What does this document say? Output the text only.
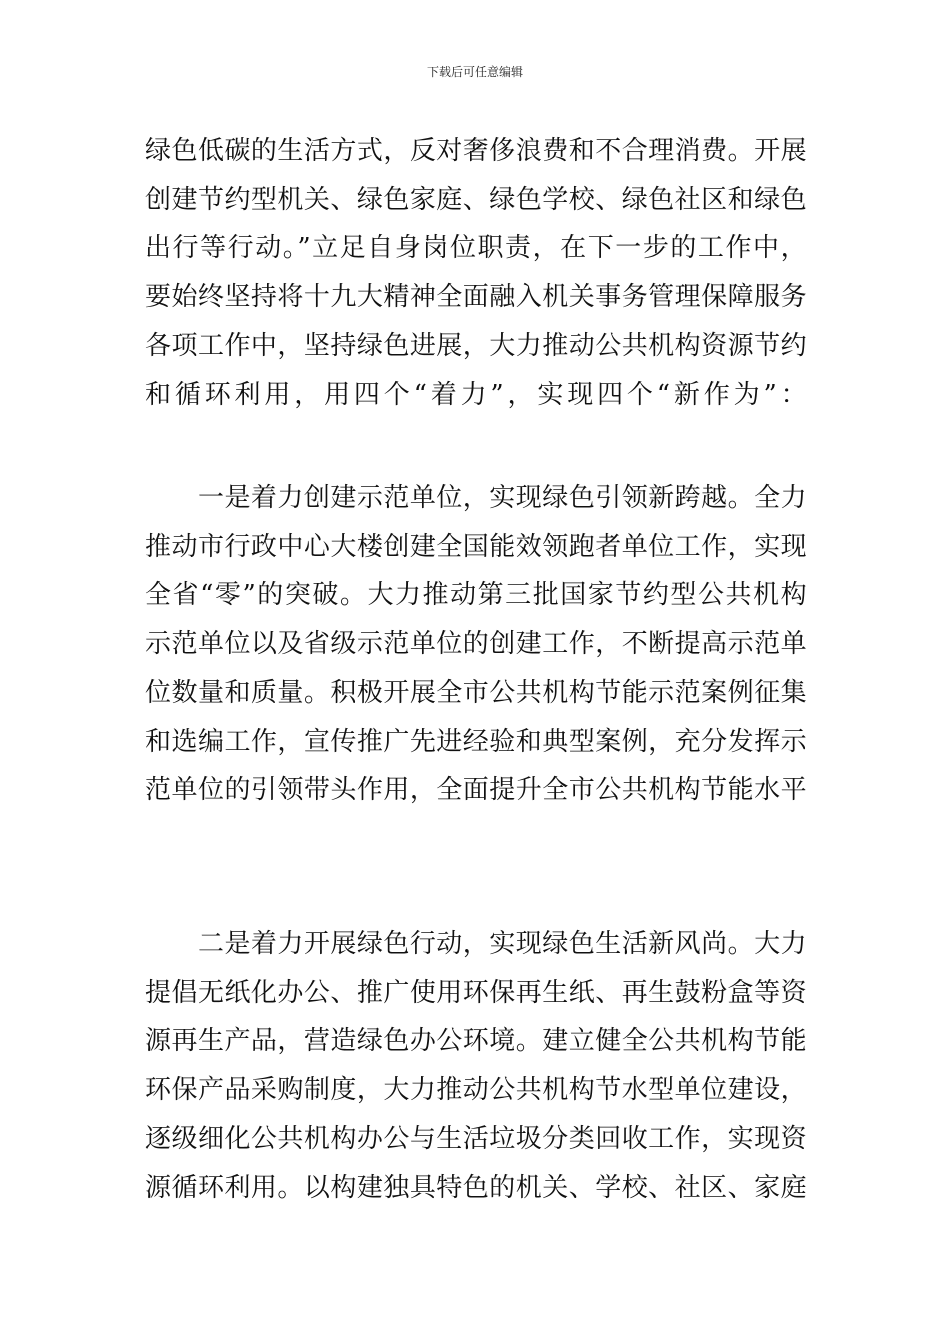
下载后可任意编辑
绿色低碳的生活方式，反对奢侈浪费和不合理消费。开展
创建节约型机关、绿色家庭、绿色学校、绿色社区和绿色
出行等行动。”立足自身岗位职责，在下一步的工作中，
要始终坚持将十九大精神全面融入机关事务管理保障服务
各项工作中，坚持绿色进展，大力推动公共机构资源节约
和循环利用，用四个“着力”，实现四个“新作为”：
　　一是着力创建示范单位，实现绿色引领新跨越。全力
推动市行政中心大楼创建全国能效领跑者单位工作，实现
全省“零”的突破。大力推动第三批国家节约型公共机构
示范单位以及省级示范单位的创建工作，不断提高示范单
位数量和质量。积极开展全市公共机构节能示范案例征集
和选编工作，宣传推广先进经验和典型案例，充分发挥示
范单位的引领带头作用，全面提升全市公共机构节能水平
　　二是着力开展绿色行动，实现绿色生活新风尚。大力
提倡无纸化办公、推广使用环保再生纸、再生鼓粉盒等资
源再生产品，营造绿色办公环境。建立健全公共机构节能
环保产品采购制度，大力推动公共机构节水型单位建设，
逐级细化公共机构办公与生活垃圾分类回收工作，实现资
源循环利用。以构建独具特色的机关、学校、社区、家庭
